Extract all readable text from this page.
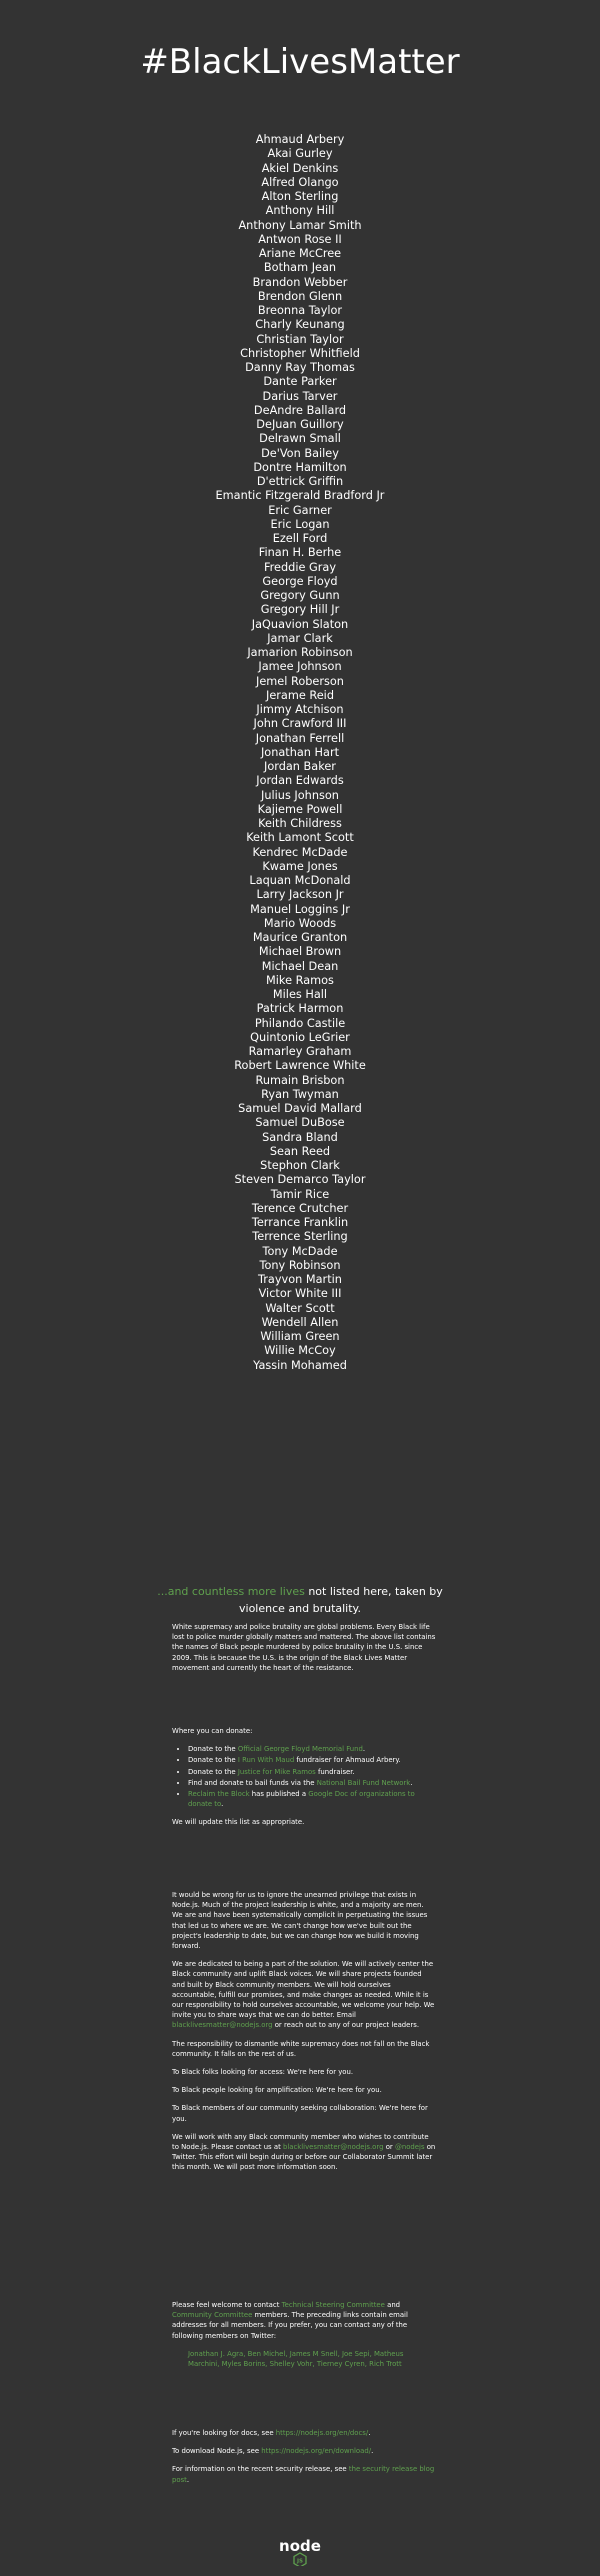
#BlackLivesMatter
Ahmaud Arbery
Akai Gurley
Akiel Denkins
Alfred Olango
Alton Sterling
Anthony Hill
Anthony Lamar Smith
Antwon Rose II
Ariane McCree
Botham Jean
Brandon Webber
Brendon Glenn
Breonna Taylor
Charly Keunang
Christian Taylor
Christopher Whitfield
Danny Ray Thomas
Dante Parker
Darius Tarver
DeAndre Ballard
DeJuan Guillory
Delrawn Small
De'Von Bailey
Dontre Hamilton
D'ettrick Griffin
Emantic Fitzgerald Bradford Jr
Eric Garner
Eric Logan
Ezell Ford
Finan H. Berhe
Freddie Gray
George Floyd
Gregory Gunn
Gregory Hill Jr
JaQuavion Slaton
Jamar Clark
Jamarion Robinson
Jamee Johnson
Jemel Roberson
Jerame Reid
Jimmy Atchison
John Crawford III
Jonathan Ferrell
Jonathan Hart
Jordan Baker
Jordan Edwards
Julius Johnson
Kajieme Powell
Keith Childress
Keith Lamont Scott
Kendrec McDade
Kwame Jones
Laquan McDonald
Larry Jackson Jr
Manuel Loggins Jr
Mario Woods
Maurice Granton
Michael Brown
Michael Dean
Mike Ramos
Miles Hall
Patrick Harmon
Philando Castile
Quintonio LeGrier
Ramarley Graham
Robert Lawrence White
Rumain Brisbon
Ryan Twyman
Samuel David Mallard
Samuel DuBose
Sandra Bland
Sean Reed
Stephon Clark
Steven Demarco Taylor
Tamir Rice
Terence Crutcher
Terrance Franklin
Terrence Sterling
Tony McDade
Tony Robinson
Trayvon Martin
Victor White III
Walter Scott
Wendell Allen
William Green
Willie McCoy
Yassin Mohamed

...and countless more lives not listed here, taken by violence and brutality.

White supremacy and police brutality are global problems. Every Black life lost to police murder globally matters and mattered. The above list contains the names of Black people murdered by police brutality in the U.S. since 2009. This is because the U.S. is the origin of the Black Lives Matter movement and currently the heart of the resistance.

Where you can donate:

• Donate to the Official George Floyd Memorial Fund.
• Donate to the I Run With Maud fundraiser for Ahmaud Arbery.
• Donate to the Justice for Mike Ramos fundraiser.
• Find and donate to bail funds via the National Bail Fund Network.
• Reclaim the Block has published a Google Doc of organizations to donate to.

We will update this list as appropriate.

It would be wrong for us to ignore the unearned privilege that exists in Node.js. Much of the project leadership is white, and a majority are men. We are and have been systematically complicit in perpetuating the issues that led us to where we are. We can't change how we've built out the project's leadership to date, but we can change how we build it moving forward.

We are dedicated to being a part of the solution. We will actively center the Black community and uplift Black voices. We will share projects founded and built by Black community members. We will hold ourselves accountable, fulfill our promises, and make changes as needed. While it is our responsibility to hold ourselves accountable, we welcome your help. We invite you to share ways that we can do better. Email blacklivesmatter@nodejs.org or reach out to any of our project leaders.

The responsibility to dismantle white supremacy does not fall on the Black community. It falls on the rest of us.

To Black folks looking for access: We're here for you.

To Black people looking for amplification: We're here for you.

To Black members of our community seeking collaboration: We're here for you.

We will work with any Black community member who wishes to contribute to Node.js. Please contact us at blacklivesmatter@nodejs.org or @nodejs on Twitter. This effort will begin during or before our Collaborator Summit later this month. We will post more information soon.

Please feel welcome to contact Technical Steering Committee and Community Committee members. The preceding links contain email addresses for all members. If you prefer, you can contact any of the following members on Twitter:

Jonathan J. Agra, Ben Michel, James M Snell, Joe Sepi, Matheus Marchini, Myles Borins, Shelley Vohr, Tierney Cyren, Rich Trott

If you're looking for docs, see https://nodejs.org/en/docs/.

To download Node.js, see https://nodejs.org/en/download/.

For information on the recent security release, see the security release blog post.

node
JS
